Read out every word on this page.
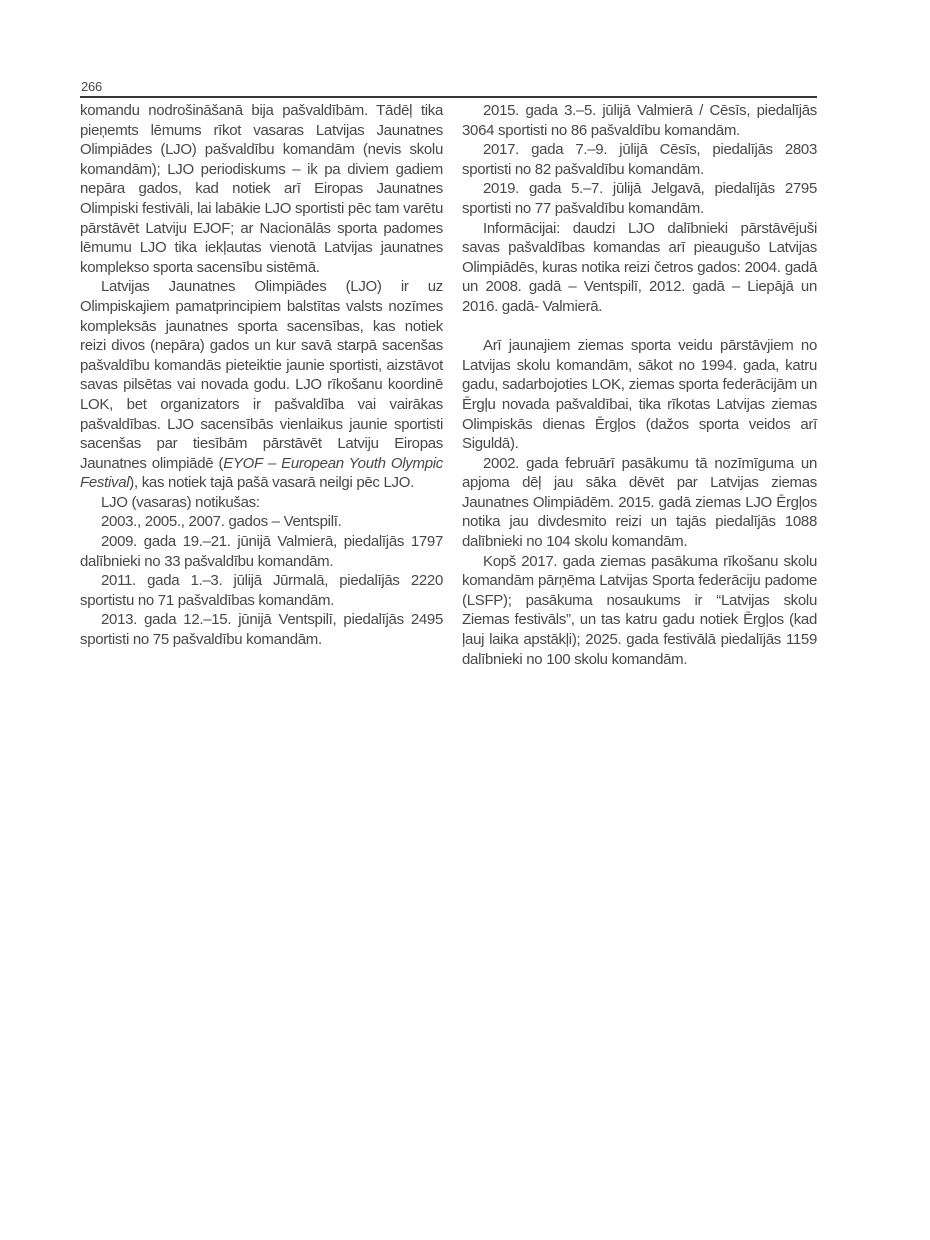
266

komandu nodrošināšanā bija pašvaldībām. Tādēļ tika pieņemts lēmums rīkot vasaras Latvijas Jaunatnes Olimpiādes (LJO) pašvaldību komandām (nevis skolu komandām); LJO periodiskums – ik pa diviem gadiem nepāra gados, kad notiek arī Eiropas Jaunatnes Olimpiski festivāli, lai labākie LJO sportisti pēc tam varētu pārstāvēt Latviju EJOF; ar Nacionālās sporta padomes lēmumu LJO tika iekļautas vienotā Latvijas jaunatnes komplekso sporta sacensību sistēmā.

Latvijas Jaunatnes Olimpiādes (LJO) ir uz Olimpiskajiem pamatprincipiem balstītas valsts nozīmes kompleksās jaunatnes sporta sacensības, kas notiek reizi divos (nepāra) gados un kur savā starpā sacenšas pašvaldību komandās pieteiktie jaunie sportisti, aizstāvot savas pilsētas vai novada godu. LJO rīkošanu koordinē LOK, bet organizators ir pašvaldība vai vairākas pašvaldības. LJO sacensībās vienlaikus jaunie sportisti sacenšas par tiesībām pārstāvēt Latviju Eiropas Jaunatnes olimpiādē (EYOF – European Youth Olympic Festival), kas notiek tajā pašā vasarā neilgi pēc LJO.

LJO (vasaras) notikušas:

2003., 2005., 2007. gados – Ventspilī.

2009. gada 19.–21. jūnijā Valmierā, piedalījās 1797 dalībnieki no 33 pašvaldību komandām.

2011. gada 1.–3. jūlijā Jūrmalā, piedalījās 2220 sportistu no 71 pašvaldības komandām.

2013. gada 12.–15. jūnijā Ventspilī, piedalījās 2495 sportisti no 75 pašvaldību komandām.

2015. gada 3.–5. jūlijā Valmierā / Cēsīs, piedalījās 3064 sportisti no 86 pašvaldību komandām.

2017. gada 7.–9. jūlijā Cēsīs, piedalījās 2803 sportisti no 82 pašvaldību komandām.

2019. gada 5.–7. jūlijā Jelgavā, piedalījās 2795 sportisti no 77 pašvaldību komandām.

Informācijai: daudzi LJO dalībnieki pārstāvējuši savas pašvaldības komandas arī pieaugušo Latvijas Olimpiādēs, kuras notika reizi četros gados: 2004. gadā un 2008. gadā – Ventspilī, 2012. gadā – Liepājā un 2016. gadā- Valmierā.

Arī jaunajiem ziemas sporta veidu pārstāvjiem no Latvijas skolu komandām, sākot no 1994. gada, katru gadu, sadarbojoties LOK, ziemas sporta federācijām un Ērgļu novada pašvaldībai, tika rīkotas Latvijas ziemas Olimpiskās dienas Ērgļos (dažos sporta veidos arī Siguldā).

2002. gada februārī pasākumu tā nozīmīguma un apjoma dēļ jau sāka dēvēt par Latvijas ziemas Jaunatnes Olimpiādēm. 2015. gadā ziemas LJO Ērgļos notika jau divdesmito reizi un tajās piedalījās 1088 dalībnieki no 104 skolu komandām.

Kopš 2017. gada ziemas pasākuma rīkošanu skolu komandām pārņēma Latvijas Sporta federāciju padome (LSFP); pasākuma nosaukums ir “Latvijas skolu Ziemas festivāls”, un tas katru gadu notiek Ērgļos (kad ļauj laika apstākļi); 2025. gada festivālā piedalījās 1159 dalībnieki no 100 skolu komandām.
